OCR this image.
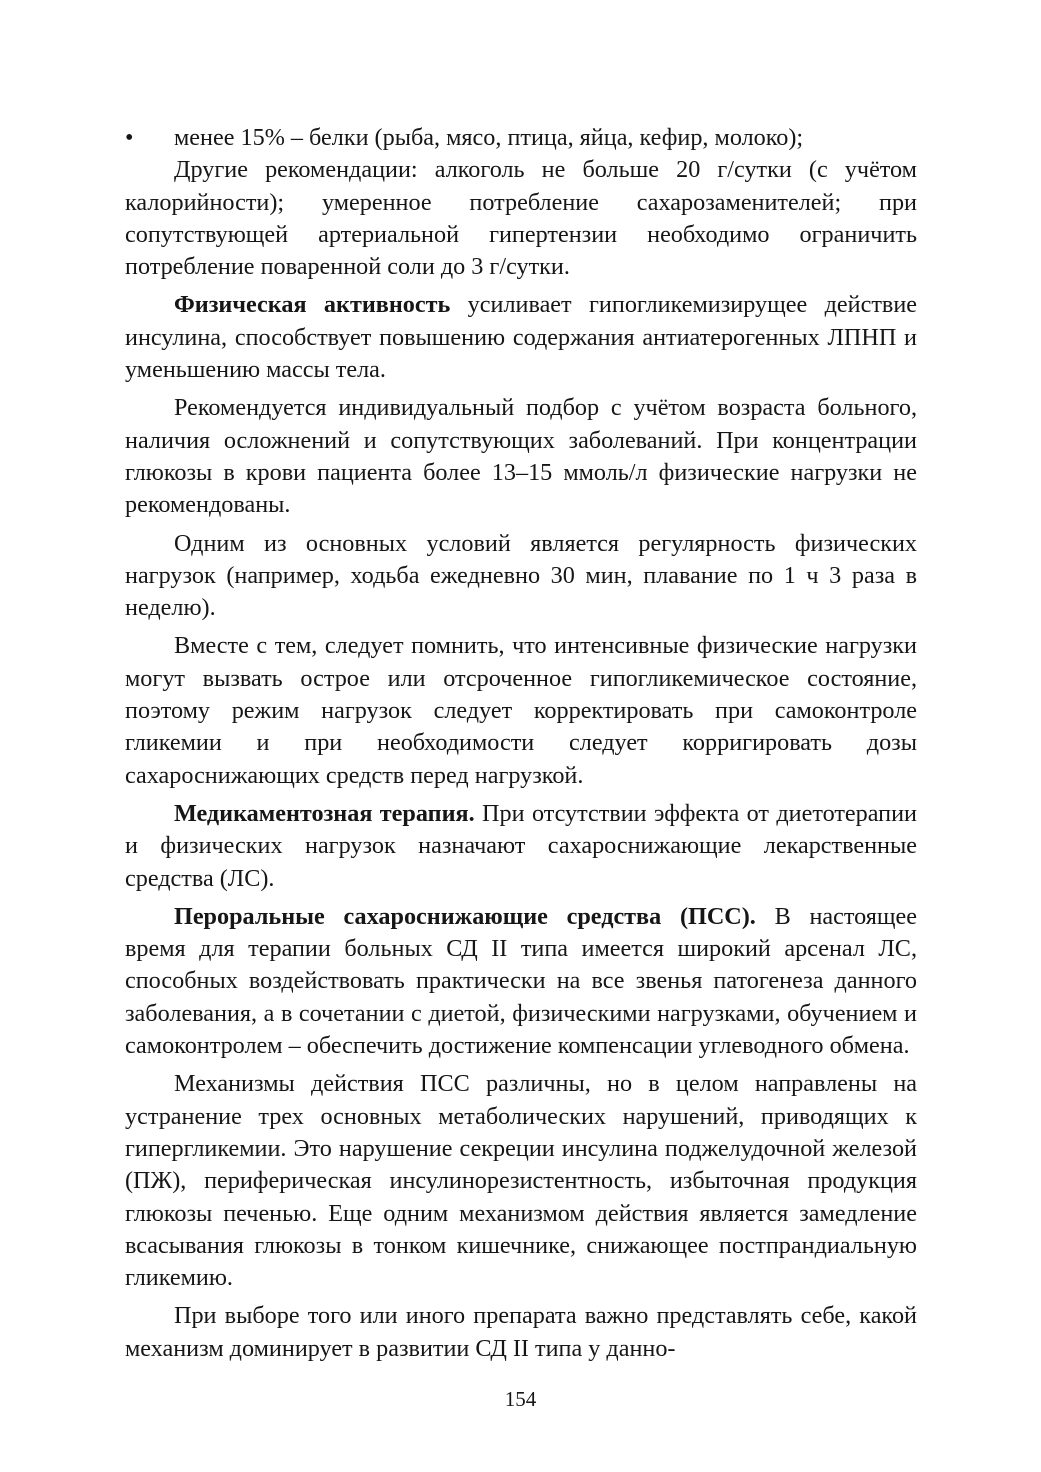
•	менее 15% – белки (рыба, мясо, птица, яйца, кефир, молоко);

Другие рекомендации: алкоголь не больше 20 г/сутки (с учётом калорийности); умеренное потребление сахарозаменителей; при сопутствующей артериальной гипертензии необходимо ограничить потребление поваренной соли до 3 г/сутки.

Физическая активность усиливает гипогликемизирущее действие инсулина, способствует повышению содержания антиатерогенных ЛПНП и уменьшению массы тела.

Рекомендуется индивидуальный подбор с учётом возраста больного, наличия осложнений и сопутствующих заболеваний. При концентрации глюкозы в крови пациента более 13–15 ммоль/л физические нагрузки не рекомендованы.

Одним из основных условий является регулярность физических нагрузок (например, ходьба ежедневно 30 мин, плавание по 1 ч 3 раза в неделю).

Вместе с тем, следует помнить, что интенсивные физические нагрузки могут вызвать острое или отсроченное гипогликемическое состояние, поэтому режим нагрузок следует корректировать при самоконтроле гликемии и при необходимости следует корригировать дозы сахароснижающих средств перед нагрузкой.

Медикаментозная терапия. При отсутствии эффекта от диетотерапии и физических нагрузок назначают сахароснижающие лекарственные средства (ЛС).

Пероральные сахароснижающие средства (ПСС). В настоящее время для терапии больных СД II типа имеется широкий арсенал ЛС, способных воздействовать практически на все звенья патогенеза данного заболевания, а в сочетании с диетой, физическими нагрузками, обучением и самоконтролем – обеспечить достижение компенсации углеводного обмена.

Механизмы действия ПСС различны, но в целом направлены на устранение трех основных метаболических нарушений, приводящих к гипергликемии. Это нарушение секреции инсулина поджелудочной железой (ПЖ), периферическая инсулинорезистентность, избыточная продукция глюкозы печенью. Еще одним механизмом действия является замедление всасывания глюкозы в тонком кишечнике, снижающее постпрандиальную гликемию.

При выборе того или иного препарата важно представлять себе, какой механизм доминирует в развитии СД II типа у данно-

154
